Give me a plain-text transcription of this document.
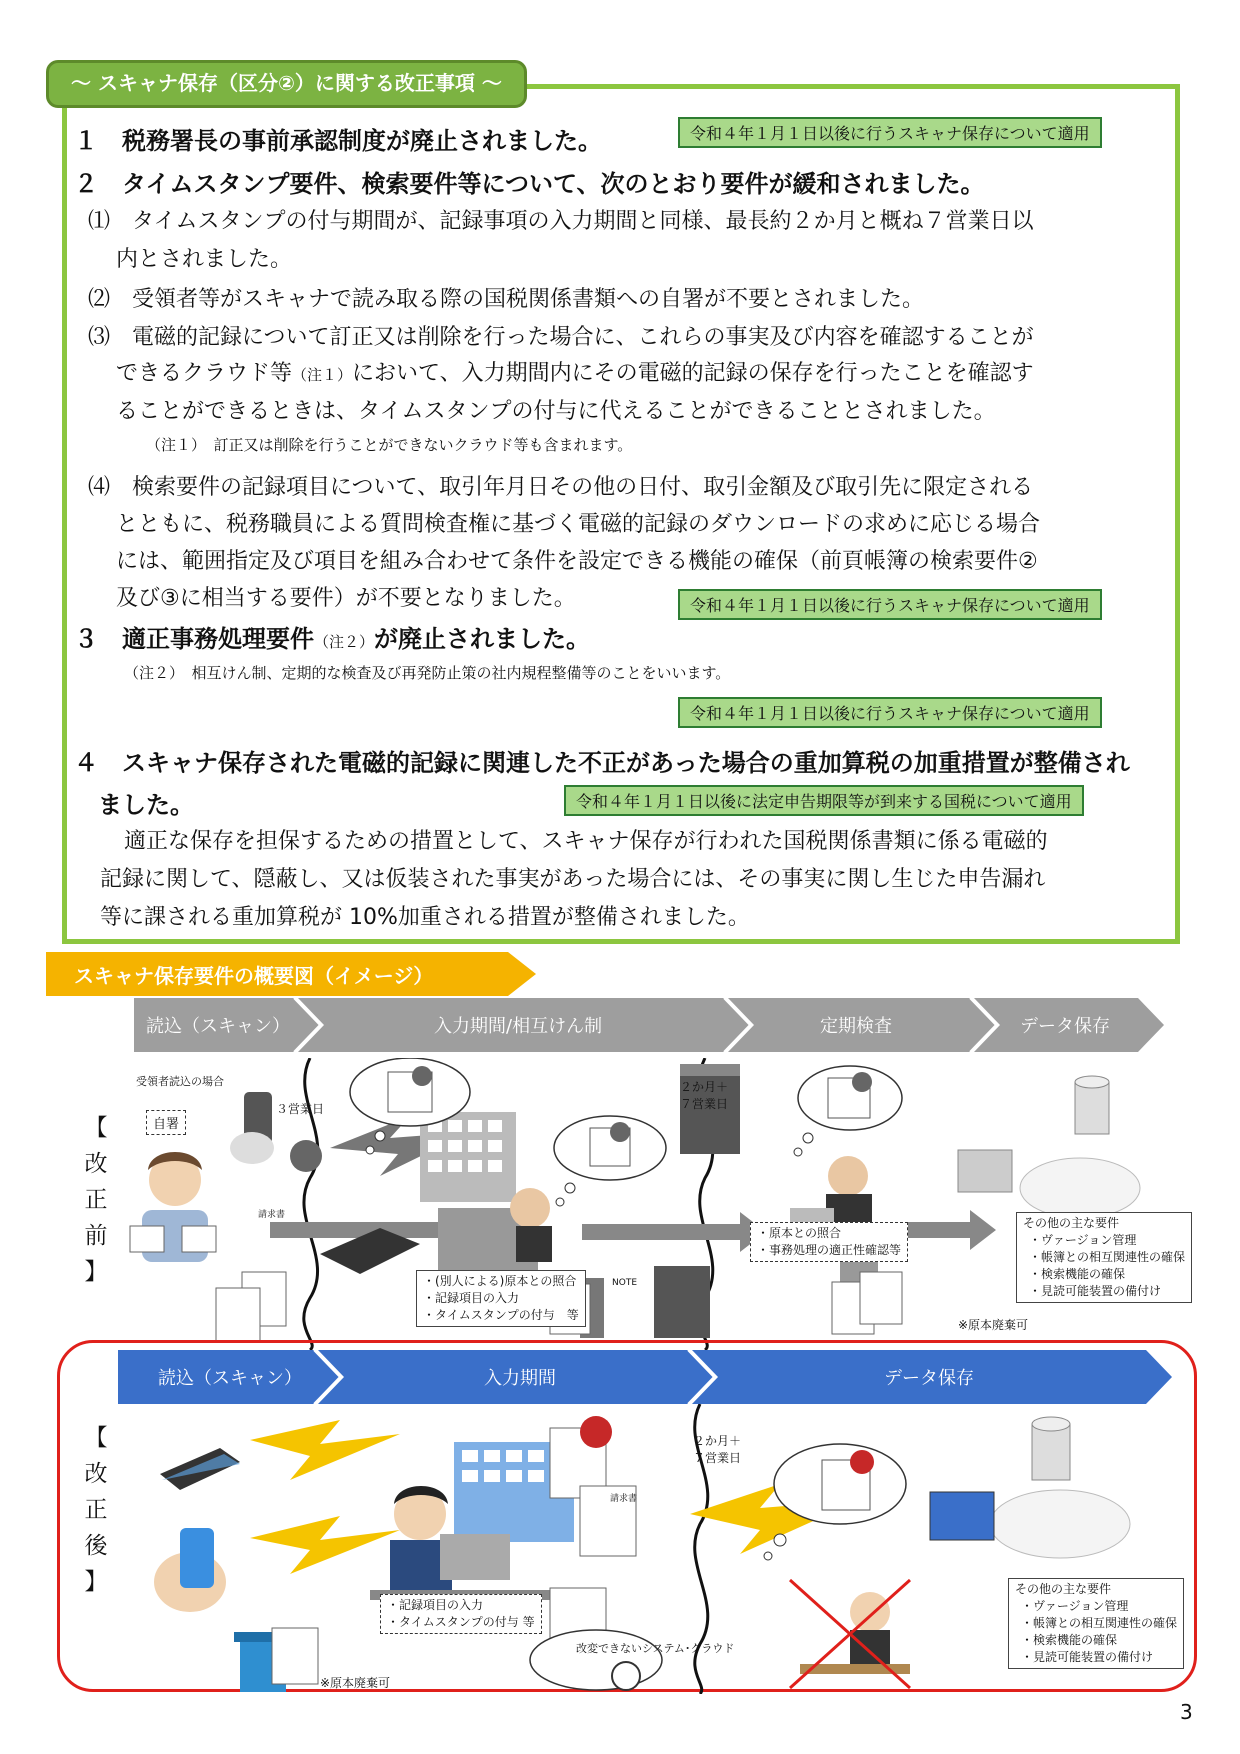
～ スキャナ保存（区分②）に関する改正事項 ～
１　税務署長の事前承認制度が廃止されました。	令和４年１月１日以後に行うスキャナ保存について適用
２　タイムスタンプ要件、検索要件等について、次のとおり要件が緩和されました。
⑴　タイムスタンプの付与期間が、記録事項の入力期間と同様、最長約２か月と概ね７営業日以
内とされました。
⑵　受領者等がスキャナで読み取る際の国税関係書類への自署が不要とされました。
⑶　電磁的記録について訂正又は削除を行った場合に、これらの事実及び内容を確認することが
できるクラウド等（注１）において、入力期間内にその電磁的記録の保存を行ったことを確認す
ることができるときは、タイムスタンプの付与に代えることができることとされました。
（注１）　訂正又は削除を行うことができないクラウド等も含まれます。
⑷　検索要件の記録項目について、取引年月日その他の日付、取引金額及び取引先に限定される
とともに、税務職員による質問検査権に基づく電磁的記録のダウンロードの求めに応じる場合
には、範囲指定及び項目を組み合わせて条件を設定できる機能の確保（前頁帳簿の検索要件②
及び③に相当する要件）が不要となりました。	令和４年１月１日以後に行うスキャナ保存について適用
３　適正事務処理要件（注２）が廃止されました。
（注２）　相互けん制、定期的な検査及び再発防止策の社内規程整備等のことをいいます。
令和４年１月１日以後に行うスキャナ保存について適用
４　スキャナ保存された電磁的記録に関連した不正があった場合の重加算税の加重措置が整備され
ました。	令和４年１月１日以後に法定申告期限等が到来する国税について適用
適正な保存を担保するための措置として、スキャナ保存が行われた国税関係書類に係る電磁的
記録に関して、隠蔽し、又は仮装された事実があった場合には、その事実に関し生じた申告漏れ
等に課される重加算税が 10%加重される措置が整備されました。
スキャナ保存要件の概要図（イメージ）
読込（スキャン）	入力期間/相互けん制	定期検査	データ保存
【
改
正
前
】
受領者読込の場合
自署
３営業日
２か月＋
７営業日
請求書
NOTE
・(別人による)原本との照合
・記録項目の入力
・タイムスタンプの付与　等
・原本との照合
・事務処理の適正性確認等
その他の主な要件
・ヴァージョン管理
・帳簿との相互関連性の確保
・検索機能の確保
・見読可能装置の備付け
※原本廃棄可
読込（スキャン）	入力期間	データ保存
【
改
正
後
】
２か月＋
７営業日
請求書
・記録項目の入力
・タイムスタンプの付与 等
改変できないシステム･クラウド
その他の主な要件
・ヴァージョン管理
・帳簿との相互関連性の確保
・検索機能の確保
・見読可能装置の備付け
※原本廃棄可
3
